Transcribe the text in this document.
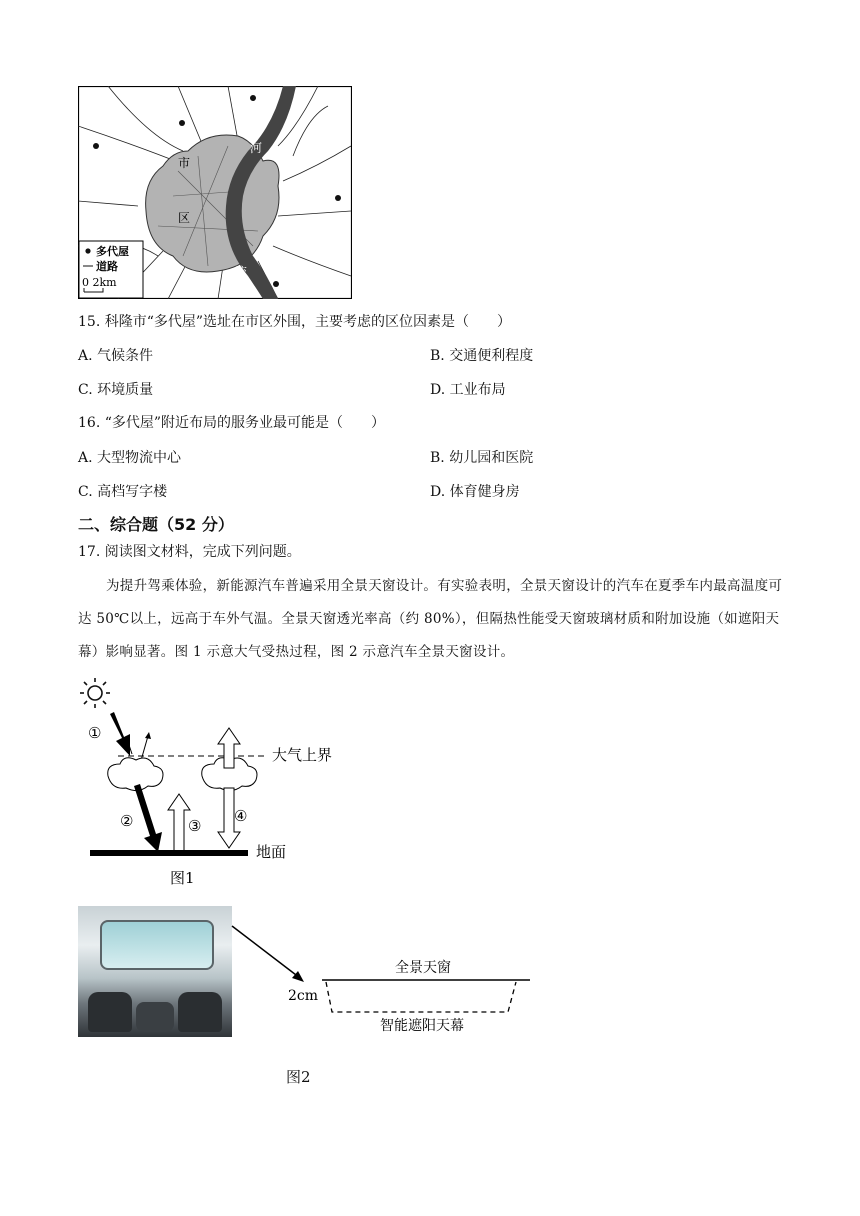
市
区
河
流
多代屋
道路
0 2km
15. 科隆市“多代屋”选址在市区外围，主要考虑的区位因素是（　　）
A. 气候条件	B. 交通便利程度
C. 环境质量	D. 工业布局
16. “多代屋”附近布局的服务业最可能是（　　）
A. 大型物流中心	B. 幼儿园和医院
C. 高档写字楼	D. 体育健身房
二、综合题（52 分）
17. 阅读图文材料，完成下列问题。
为提升驾乘体验，新能源汽车普遍采用全景天窗设计。有实验表明，全景天窗设计的汽车在夏季车内最高温度可达 50℃以上，远高于车外气温。全景天窗透光率高（约 80%），但隔热性能受天窗玻璃材质和附加设施（如遮阳天幕）影响显著。图 1 示意大气受热过程，图 2 示意汽车全景天窗设计。
①
大气上界
②	③
④
地面
图1
全景天窗
2cm
智能遮阳天幕
图2
